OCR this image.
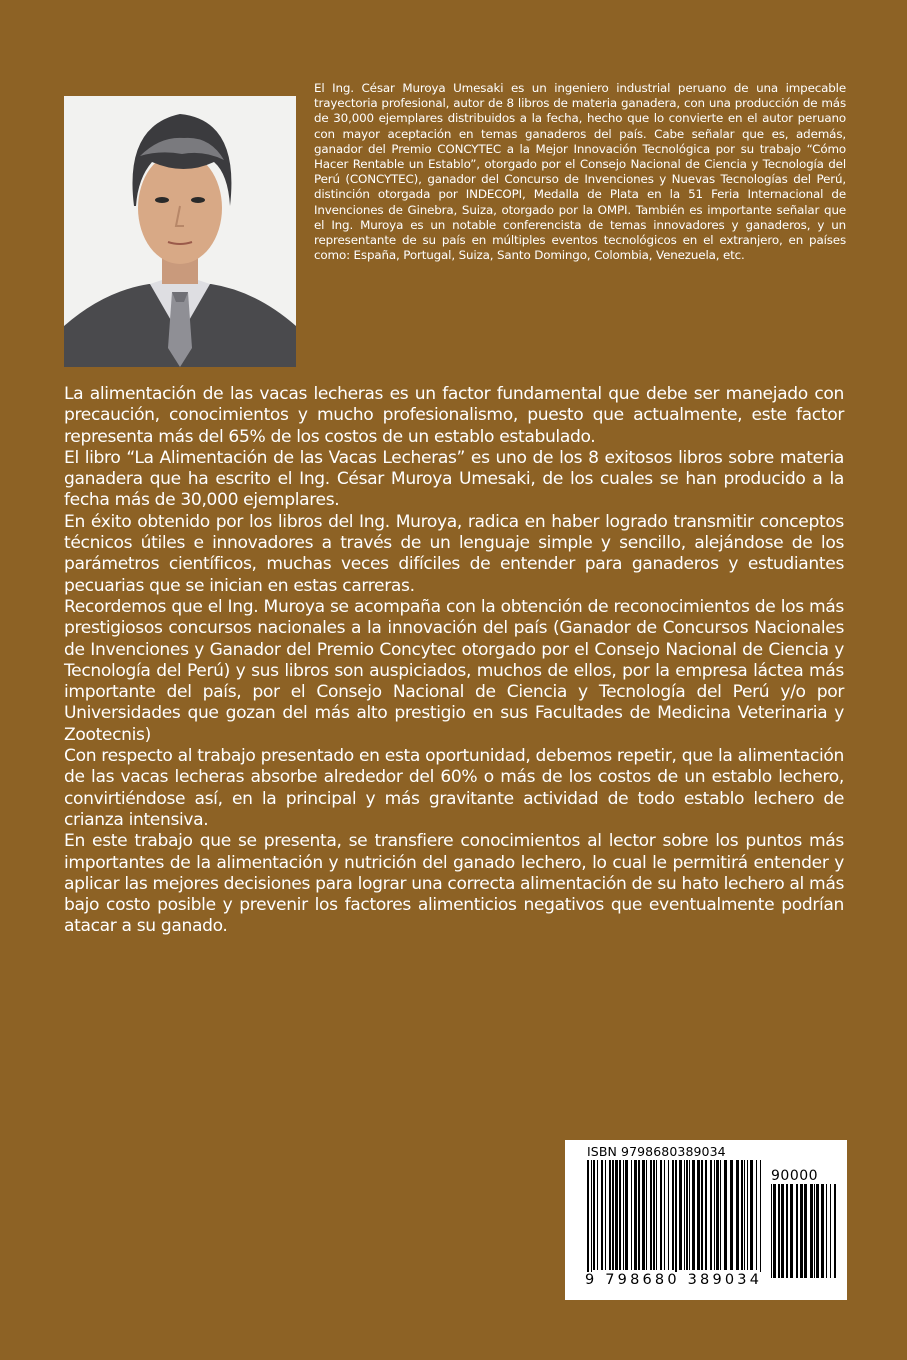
El Ing. César Muroya Umesaki es un ingeniero industrial peruano de una impecable trayectoria profesional, autor de 8 libros de materia ganadera, con una producción de más de 30,000 ejemplares distribuidos a la fecha, hecho que lo convierte en el autor peruano con mayor aceptación en temas ganaderos del país. Cabe señalar que es, además, ganador del Premio CONCYTEC a la Mejor Innovación Tecnológica por su trabajo “Cómo Hacer Rentable un Establo”, otorgado por el Consejo Nacional de Ciencia y Tecnología del Perú (CONCYTEC), ganador del Concurso de Invenciones y Nuevas Tecnologías del Perú, distinción otorgada por INDECOPI, Medalla de Plata en la 51 Feria Internacional de Invenciones de Ginebra, Suiza, otorgado por la OMPI. También es importante señalar que el Ing. Muroya es un notable conferencista de temas innovadores y ganaderos, y un representante de su país en múltiples eventos tecnológicos en el extranjero, en países como: España, Portugal, Suiza, Santo Domingo, Colombia, Venezuela, etc.

La alimentación de las vacas lecheras es un factor fundamental que debe ser manejado con precaución, conocimientos y mucho profesionalismo, puesto que actualmente, este factor representa más del 65% de los costos de un establo estabulado.

El libro “La Alimentación de las Vacas Lecheras” es uno de los 8 exitosos libros sobre materia ganadera que ha escrito el Ing. César Muroya Umesaki, de los cuales se han producido a la fecha más de 30,000 ejemplares.

En éxito obtenido por los libros del Ing. Muroya, radica en haber logrado transmitir conceptos técnicos útiles e innovadores a través de un lenguaje simple y sencillo, alejándose de los parámetros científicos, muchas veces difíciles de entender para ganaderos y estudiantes pecuarias que se inician en estas carreras.

Recordemos que el Ing. Muroya se acompaña con la obtención de reconocimientos de los más prestigiosos concursos nacionales a la innovación del país (Ganador de Concursos Nacionales de Invenciones y Ganador del Premio Concytec otorgado por el Consejo Nacional de Ciencia y Tecnología del Perú) y sus libros son auspiciados, muchos de ellos, por la empresa láctea más importante del país, por el Consejo Nacional de Ciencia y Tecnología del Perú y/o por Universidades que gozan del más alto prestigio en sus Facultades de Medicina Veterinaria y Zootecnis)

Con respecto al trabajo presentado en esta oportunidad, debemos repetir, que la alimentación de las vacas lecheras absorbe alrededor del 60% o más de los costos de un establo lechero, convirtiéndose así, en la principal y más gravitante actividad de todo establo lechero de crianza intensiva.

En este trabajo que se presenta, se transfiere conocimientos al lector sobre los puntos más importantes de la alimentación y nutrición del ganado lechero, lo cual le permitirá entender y aplicar las mejores decisiones para lograr una correcta alimentación de su hato lechero al más bajo costo posible y prevenir los factores alimenticios negativos que eventualmente podrían atacar a su ganado.

ISBN 9798680389034
90000
9 798680 389034
